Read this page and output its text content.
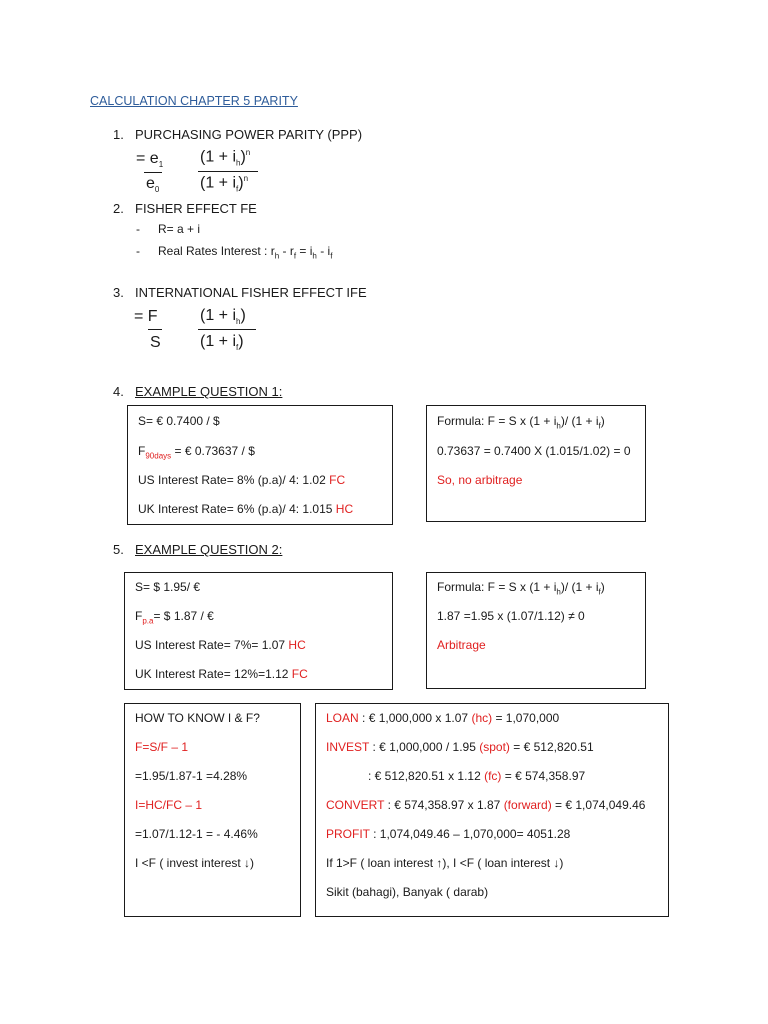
CALCULATION CHAPTER 5 PARITY
1. PURCHASING POWER PARITY (PPP)
= $e_1$
$e_0$
$(1 + i_h)^n$
$(1 + i_f)^n$
2. FISHER EFFECT FE
- R= a + i
- Real Rates Interest : $r_h - r_f = i_h - i_f$
3. INTERNATIONAL FISHER EFFECT IFE
= F
S
$(1 + i_h)$
$(1 + i_f)$
4. EXAMPLE QUESTION 1:
S= € 0.7400 / $
$F_{90days}$ = € 0.73637 / $
US Interest Rate= 8% (p.a)/ 4: 1.02 FC
UK Interest Rate= 6% (p.a)/ 4: 1.015 HC
Formula: F = S x $(1 + i_h)/$ $(1 + i_f)$
0.73637 = 0.7400 X (1.015/1.02) = 0
So, no arbitrage
5. EXAMPLE QUESTION 2:
S= $ 1.95/ €
$F_{p.a}=$ $ 1.87 / €
US Interest Rate= 7%= 1.07 HC
UK Interest Rate= 12%=1.12 FC
Formula: F = S x $(1 + i_h)/$ $(1 + i_f)$
1.87 =1.95 x (1.07/1.12) ≠ 0
Arbitrage
HOW TO KNOW I & F?
F=S/F – 1
=1.95/1.87-1 =4.28%
I=HC/FC – 1
=1.07/1.12-1 = - 4.46%
I <F ( invest interest ↓)
LOAN : € 1,000,000 x 1.07 (hc) = 1,070,000
INVEST : € 1,000,000 / 1.95 (spot) = € 512,820.51
: € 512,820.51 x 1.12 (fc) = € 574,358.97
CONVERT : € 574,358.97 x 1.87 (forward) = € 1,074,049.46
PROFIT : 1,074,049.46 – 1,070,000= 4051.28
If 1>F ( loan interest ↑), I <F ( loan interest ↓)
Sikit (bahagi), Banyak ( darab)
